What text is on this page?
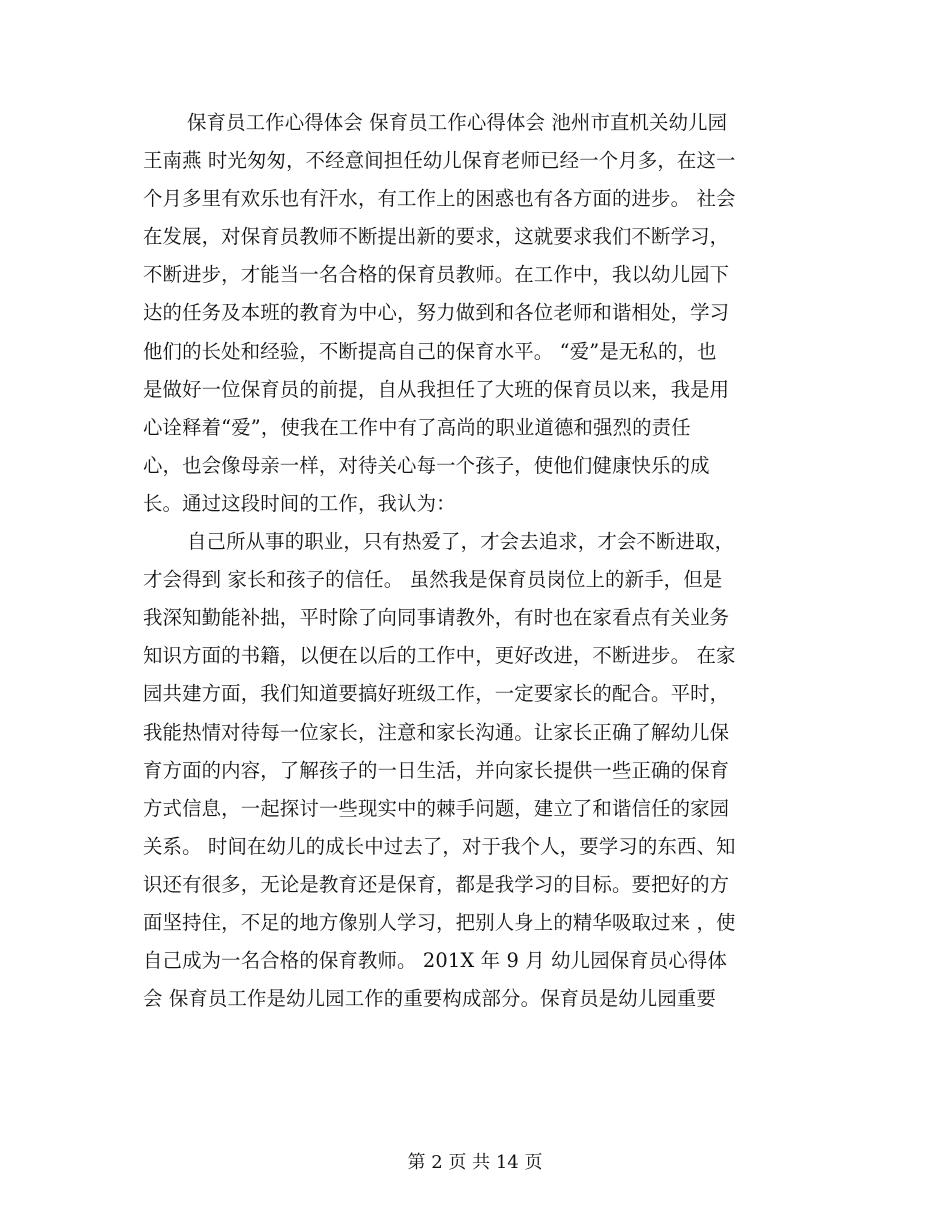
保育员工作心得体会 保育员工作心得体会 池州市直机关幼儿园
王南燕 时光匆匆，不经意间担任幼儿保育老师已经一个月多，在这一
个月多里有欢乐也有汗水，有工作上的困惑也有各方面的进步。 社会
在发展，对保育员教师不断提出新的要求，这就要求我们不断学习，
不断进步，才能当一名合格的保育员教师。在工作中，我以幼儿园下
达的任务及本班的教育为中心，努力做到和各位老师和谐相处，学习
他们的长处和经验，不断提高自己的保育水平。 “爱”是无私的，也
是做好一位保育员的前提，自从我担任了大班的保育员以来，我是用
心诠释着“爱”，使我在工作中有了高尚的职业道德和强烈的责任
心，也会像母亲一样，对待关心每一个孩子，使他们健康快乐的成
长。通过这段时间的工作，我认为：
自己所从事的职业，只有热爱了，才会去追求，才会不断进取，
才会得到 家长和孩子的信任。 虽然我是保育员岗位上的新手，但是
我深知勤能补拙，平时除了向同事请教外，有时也在家看点有关业务
知识方面的书籍，以便在以后的工作中，更好改进，不断进步。 在家
园共建方面，我们知道要搞好班级工作，一定要家长的配合。平时，
我能热情对待每一位家长，注意和家长沟通。让家长正确了解幼儿保
育方面的内容，了解孩子的一日生活，并向家长提供一些正确的保育
方式信息，一起探讨一些现实中的棘手问题，建立了和谐信任的家园
关系。 时间在幼儿的成长中过去了，对于我个人，要学习的东西、知
识还有很多，无论是教育还是保育，都是我学习的目标。要把好的方
面坚持住，不足的地方像别人学习，把别人身上的精华吸取过来 ，使
自己成为一名合格的保育教师。 201X 年 9 月 幼儿园保育员心得体
会 保育员工作是幼儿园工作的重要构成部分。保育员是幼儿园重要
第 2 页 共 14 页
